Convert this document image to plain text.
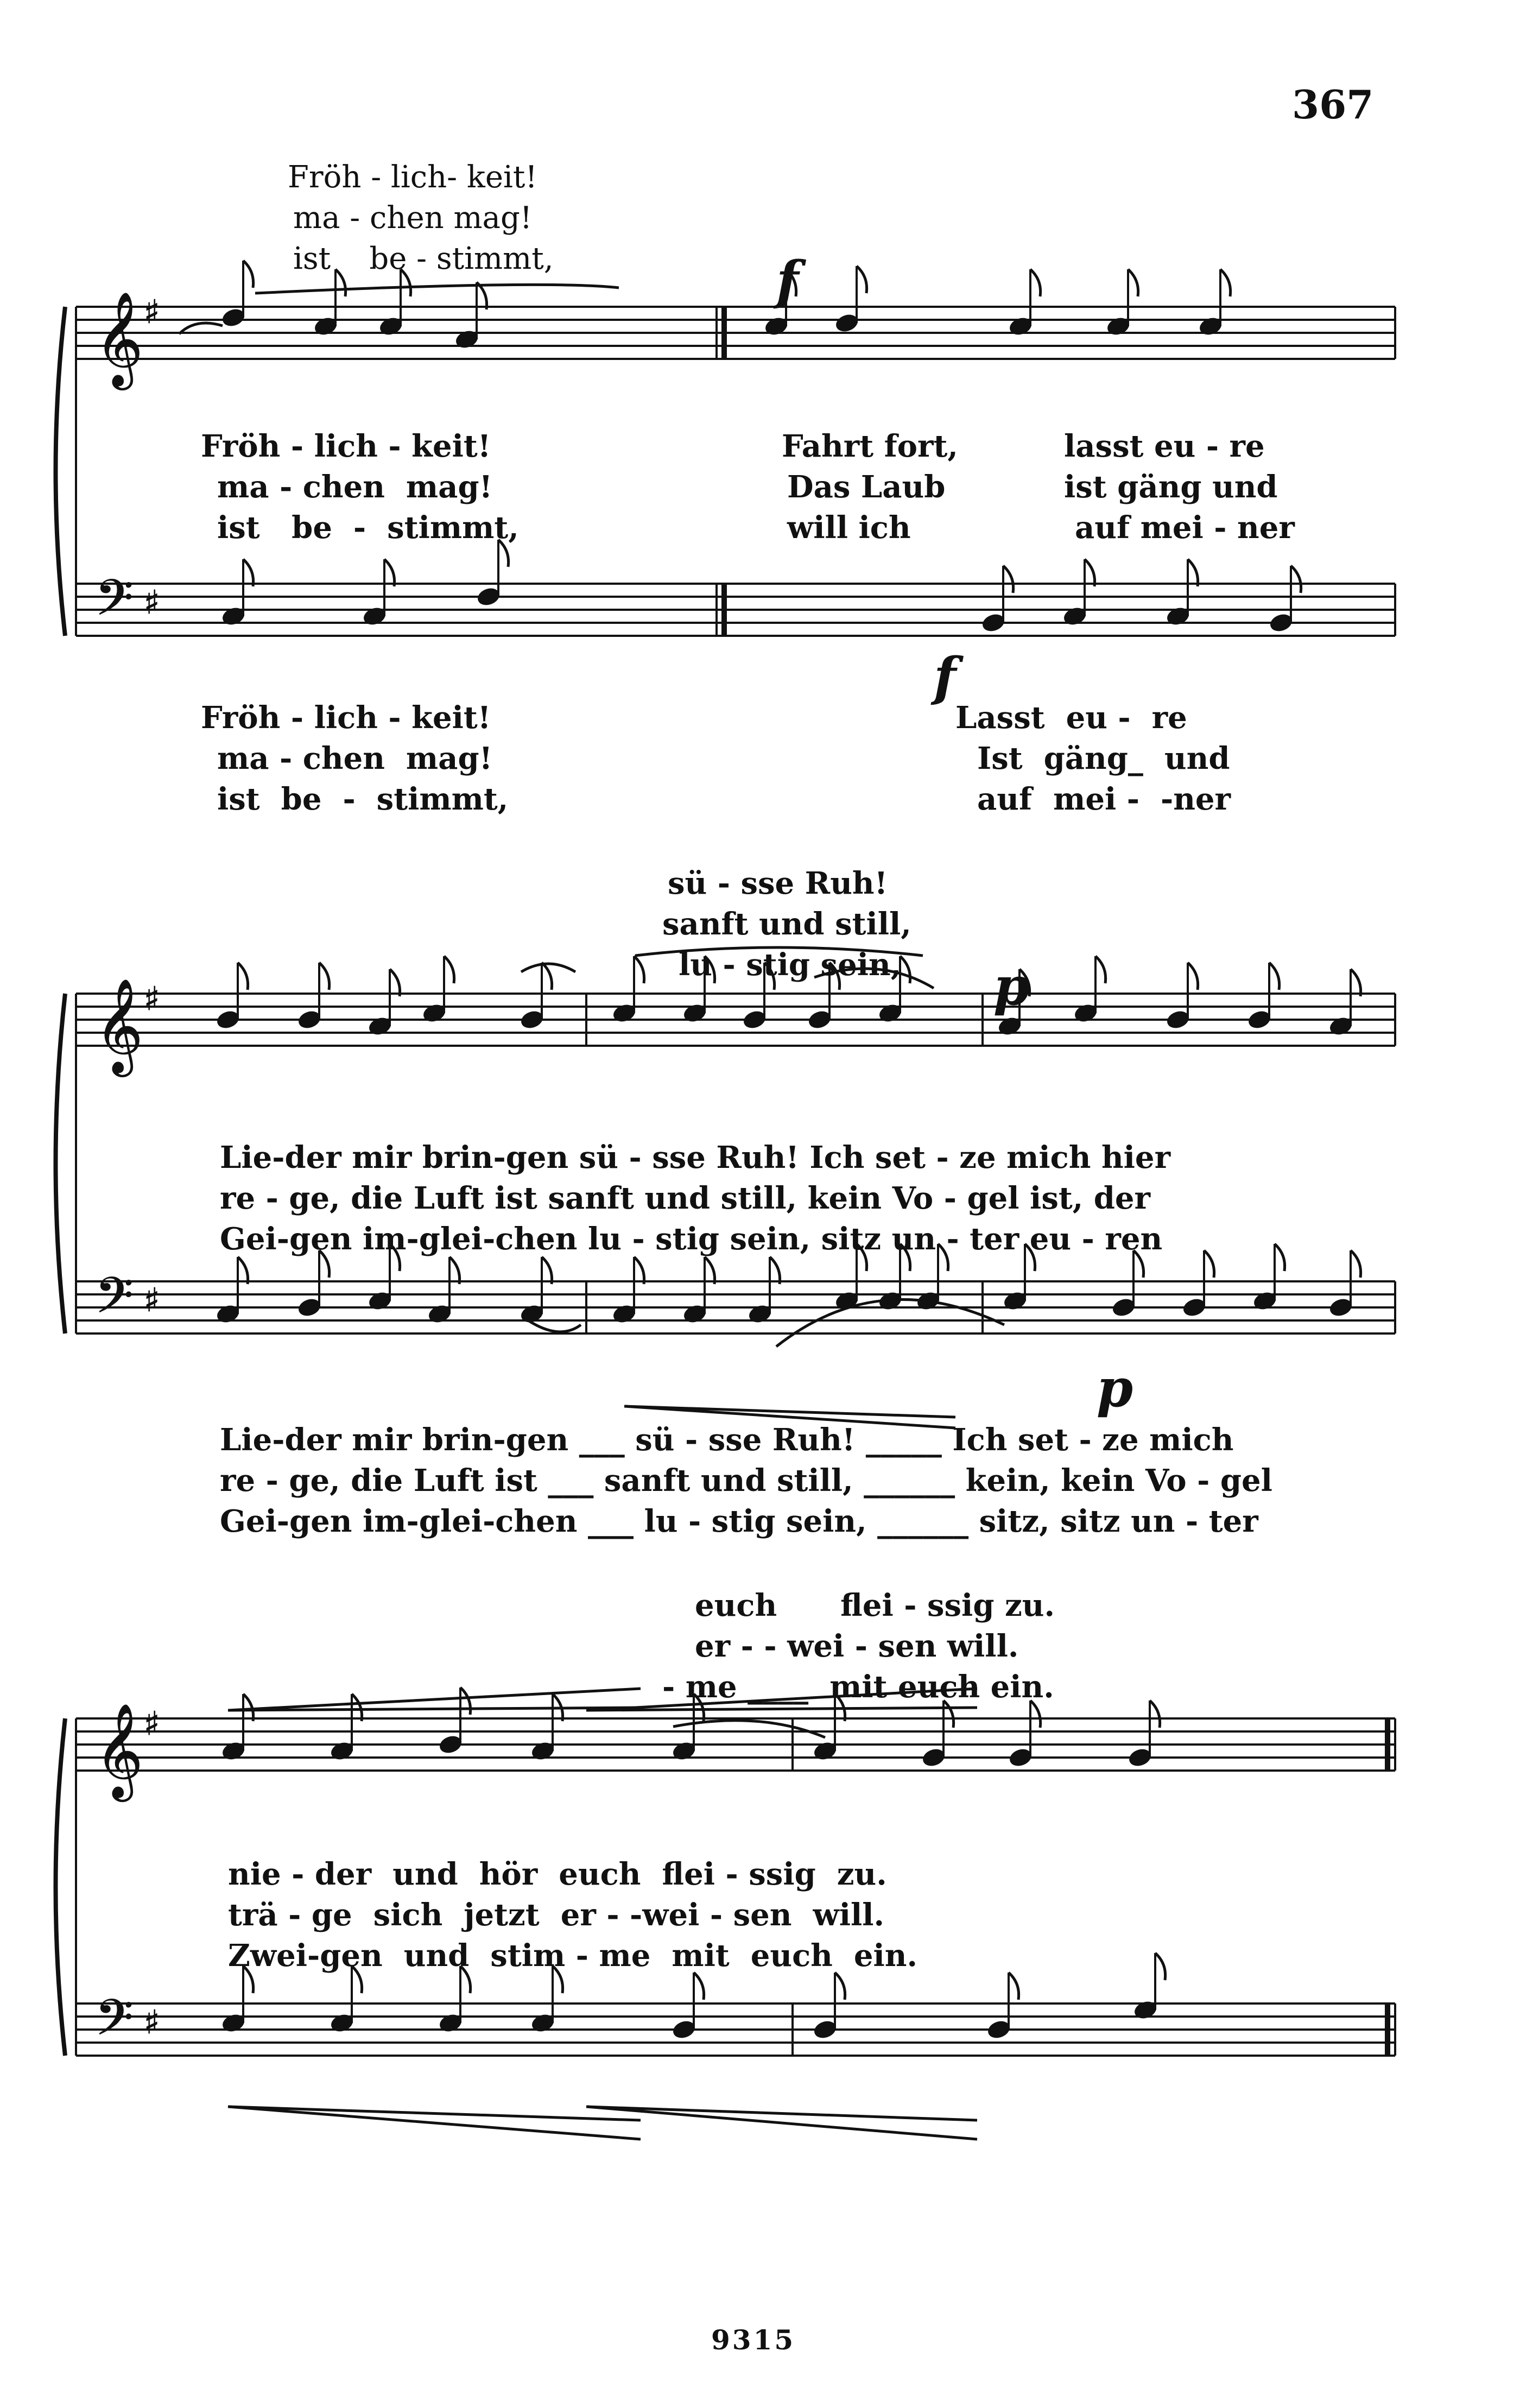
𝄞
𝄞
𝄞
𝄢
𝄢
𝄢
♯
♯
♯
♯
♯
♯
367
9315
f
f
p
p
Fröh - lich- keit!
ma - chen mag!
ist    be - stimmt,
Fröh - lich - keit!	Fahrt fort,	lasst eu - re
ma - chen  mag!	Das Laub	ist gäng und
ist   be  -  stimmt,	will ich	auf mei - ner
Fröh - lich - keit!	Lasst  eu -  re
ma - chen  mag!	Ist  gäng_  und
ist  be  -  stimmt,	auf  mei -  -ner
sü - sse Ruh!
sanft und still,
lu - stig sein,
Lie-der mir brin-gen sü - sse Ruh! Ich set - ze mich hier
re - ge, die Luft ist sanft und still, kein Vo - gel ist, der
Gei-gen im-glei-chen lu - stig sein, sitz un - ter eu - ren
Lie-der mir brin-gen ___ sü - sse Ruh! _____ Ich set - ze mich
re - ge, die Luft ist ___ sanft und still, ______ kein, kein Vo - gel
Gei-gen im-glei-chen ___ lu - stig sein, ______ sitz, sitz un - ter
euch      flei - ssig zu.
er - - wei - sen will.
- me ____  mit euch ein.
nie - der  und  hör  euch  flei - ssig  zu.
trä - ge  sich  jetzt  er - -wei - sen  will.
Zwei-gen  und  stim - me  mit  euch  ein.
